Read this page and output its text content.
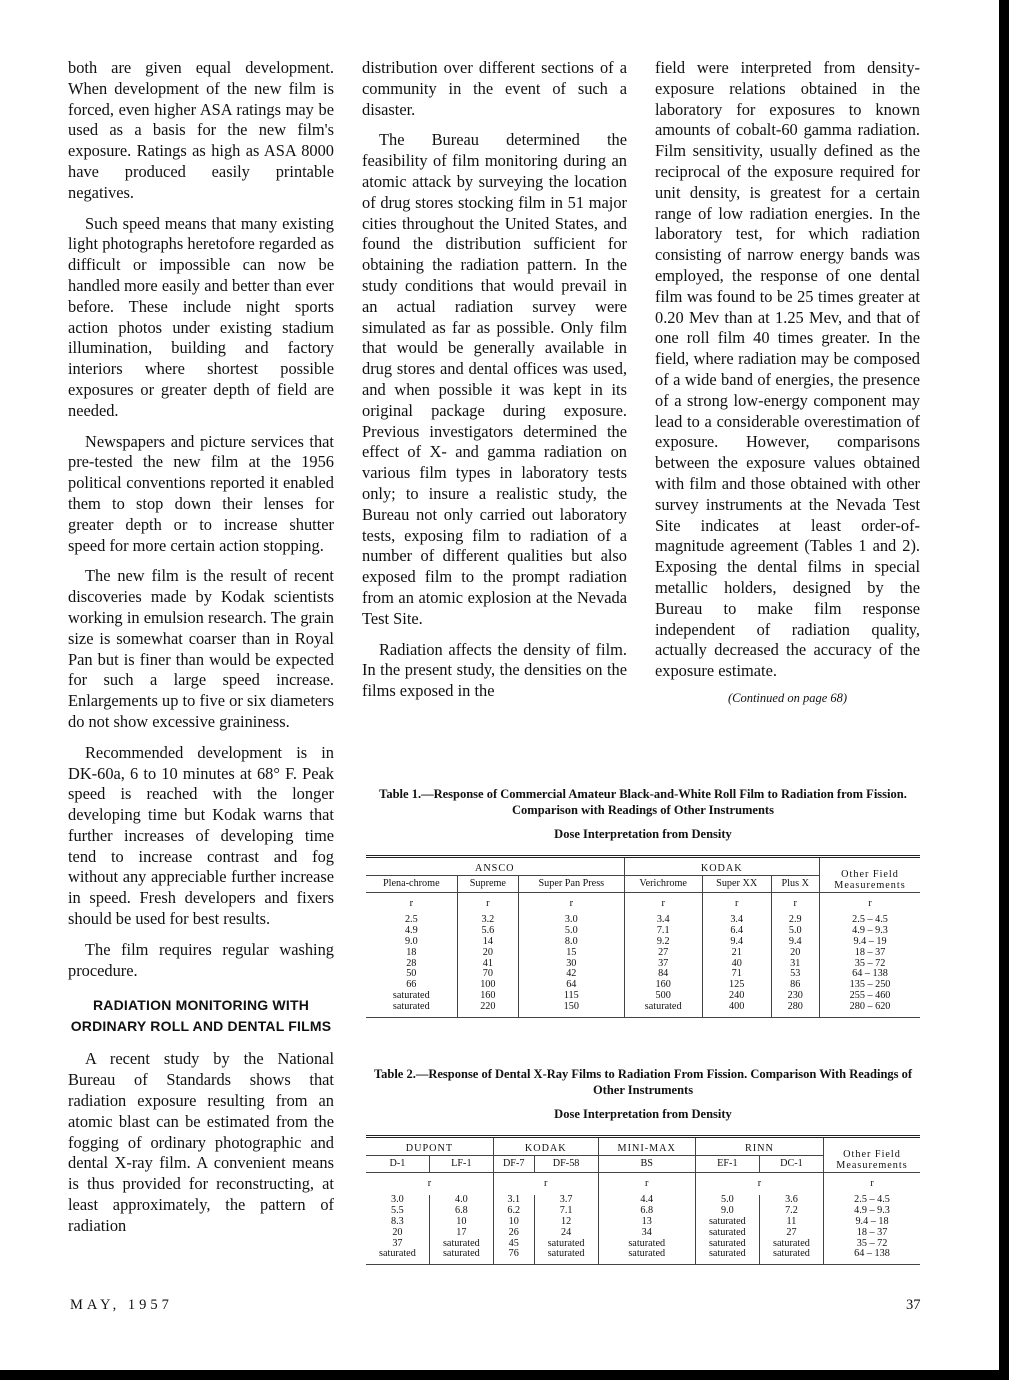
both are given equal development. When development of the new film is forced, even higher ASA ratings may be used as a basis for the new film's exposure. Ratings as high as ASA 8000 have produced easily printable negatives.

Such speed means that many existing light photographs heretofore regarded as difficult or impossible can now be handled more easily and better than ever before. These include night sports action photos under existing stadium illumination, building and factory interiors where shortest possible exposures or greater depth of field are needed.

Newspapers and picture services that pre-tested the new film at the 1956 political conventions reported it enabled them to stop down their lenses for greater depth or to increase shutter speed for more certain action stopping.

The new film is the result of recent discoveries made by Kodak scientists working in emulsion research. The grain size is somewhat coarser than in Royal Pan but is finer than would be expected for such a large speed increase. Enlargements up to five or six diameters do not show excessive graininess.

Recommended development is in DK-60a, 6 to 10 minutes at 68° F. Peak speed is reached with the longer developing time but Kodak warns that further increases of developing time tend to increase contrast and fog without any appreciable further increase in speed. Fresh developers and fixers should be used for best results.

The film requires regular washing procedure.

RADIATION MONITORING WITH ORDINARY ROLL AND DENTAL FILMS

A recent study by the National Bureau of Standards shows that radiation exposure resulting from an atomic blast can be estimated from the fogging of ordinary photographic and dental X-ray film. A convenient means is thus provided for reconstructing, at least approximately, the pattern of radiation

distribution over different sections of a community in the event of such a disaster.

The Bureau determined the feasibility of film monitoring during an atomic attack by surveying the location of drug stores stocking film in 51 major cities throughout the United States, and found the distribution sufficient for obtaining the radiation pattern. In the study conditions that would prevail in an actual radiation survey were simulated as far as possible. Only film that would be generally available in drug stores and dental offices was used, and when possible it was kept in its original package during exposure. Previous investigators determined the effect of X- and gamma radiation on various film types in laboratory tests only; to insure a realistic study, the Bureau not only carried out laboratory tests, exposing film to radiation of a number of different qualities but also exposed film to the prompt radiation from an atomic explosion at the Nevada Test Site.

Radiation affects the density of film. In the present study, the densities on the films exposed in the

field were interpreted from density-exposure relations obtained in the laboratory for exposures to known amounts of cobalt-60 gamma radiation. Film sensitivity, usually defined as the reciprocal of the exposure required for unit density, is greatest for a certain range of low radiation energies. In the laboratory test, for which radiation consisting of narrow energy bands was employed, the response of one dental film was found to be 25 times greater at 0.20 Mev than at 1.25 Mev, and that of one roll film 40 times greater. In the field, where radiation may be composed of a wide band of energies, the presence of a strong low-energy component may lead to a considerable overestimation of exposure. However, comparisons between the exposure values obtained with film and those obtained with other survey instruments at the Nevada Test Site indicates at least order-of-magnitude agreement (Tables 1 and 2). Exposing the dental films in special metallic holders, designed by the Bureau to make film response independent of radiation quality, actually decreased the accuracy of the exposure estimate.

(Continued on page 68)
Table 1.—Response of Commercial Amateur Black-and-White Roll Film to Radiation from Fission. Comparison with Readings of Other Instruments
Dose Interpretation from Density
ANSCO			KODAK			Other Field Measurements
Plena-chrome	Supreme	Super Pan Press	Verichrome	Super XX	Plus X	
r	r	r	r	r	r	r
2.5	3.2	3.0	3.4	3.4	2.9	2.5 – 4.5
4.9	5.6	5.0	7.1	6.4	5.0	4.9 – 9.3
9.0	14	8.0	9.2	9.4	9.4	9.4 – 19
18	20	15	27	21	20	18 – 37
28	41	30	37	40	31	35 – 72
50	70	42	84	71	53	64 – 138
66	100	64	160	125	86	135 – 250
saturated	160	115	500	240	230	255 – 460
saturated	220	150	saturated	400	280	280 – 620
Table 2.—Response of Dental X-Ray Films to Radiation From Fission. Comparison With Readings of Other Instruments
Dose Interpretation from Density
DUPONT		KODAK		MINI-MAX	RINN		Other Field Measurements
D-1	LF-1	DF-7	DF-58	BS	EF-1	DC-1	
r		r		r	r		r
3.0	4.0	3.1	3.7	4.4	5.0	3.6	2.5 – 4.5
5.5	6.8	6.2	7.1	6.8	9.0	7.2	4.9 – 9.3
8.3	10	10	12	13	saturated	11	9.4 – 18
20	17	26	24	34	saturated	27	18 – 37
37	saturated	45	saturated	saturated	saturated	saturated	35 – 72
saturated	saturated	76	saturated	saturated	saturated	saturated	64 – 138
MAY, 1957	37
